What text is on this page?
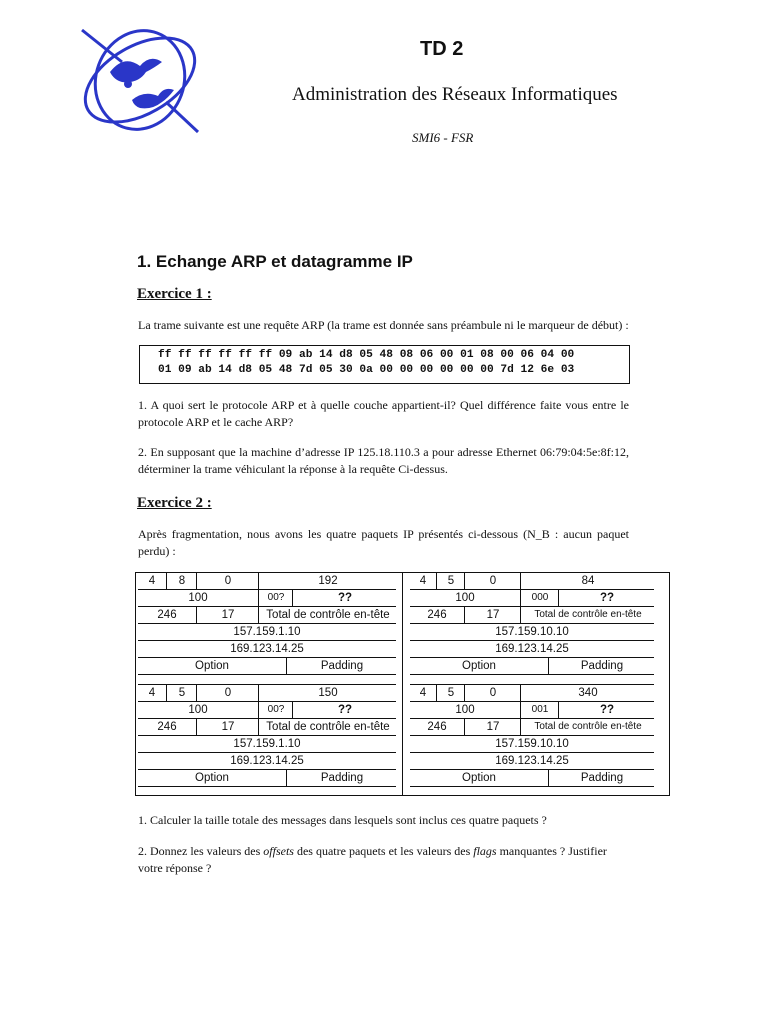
TD 2
Administration des Réseaux Informatiques
SMI6 - FSR
1. Echange ARP et datagramme IP
Exercice 1 :
La trame suivante est une requête ARP (la trame est donnée sans préambule ni le marqueur de début) :
ff ff ff ff ff ff 09 ab 14 d8 05 48 08 06 00 01 08 00 06 04 00
01 09 ab 14 d8 05 48 7d 05 30 0a 00 00 00 00 00 00 7d 12 6e 03
1. A quoi sert le protocole ARP et à quelle couche appartient-il? Quel différence faite vous entre le protocole ARP et le cache ARP?
2. En supposant que la machine d’adresse IP 125.18.110.3 a pour adresse Ethernet 06:79:04:5e:8f:12, déterminer la trame véhiculant la réponse à la requête Ci-dessus.
Exercice 2 :
Après fragmentation, nous avons les quatre paquets IP présentés ci-dessous (N_B : aucun paquet perdu) :
4	8	0	192
100	00?	??
246	17	Total de contrôle en-tête
157.159.1.10
169.123.14.25
Option	Padding
4	5	0	84
100	000	??
246	17	Total de contrôle en-tête
157.159.10.10
169.123.14.25
Option	Padding
4	5	0	150
100	00?	??
246	17	Total de contrôle en-tête
157.159.1.10
169.123.14.25
Option	Padding
4	5	0	340
100	001	??
246	17	Total de contrôle en-tête
157.159.10.10
169.123.14.25
Option	Padding
1. Calculer la taille totale des messages dans lesquels sont inclus ces quatre paquets ?
2. Donnez les valeurs des offsets des quatre paquets et les valeurs des flags manquantes ? Justifier votre réponse ?
